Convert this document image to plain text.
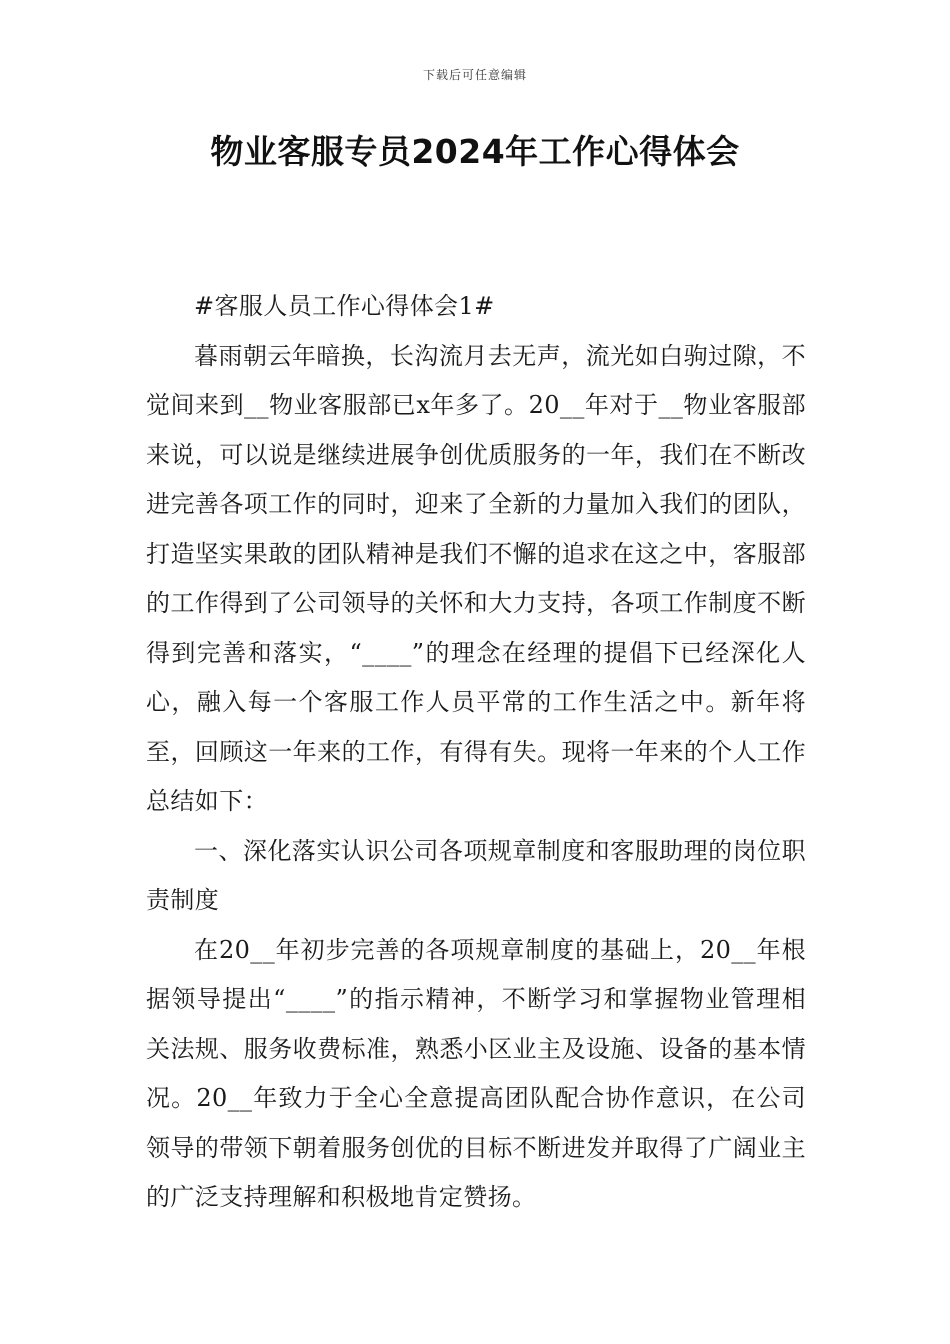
下载后可任意编辑
物业客服专员2024年工作心得体会

#客服人员工作心得体会1#

暮雨朝云年暗换，长沟流月去无声，流光如白驹过隙，不觉间来到__物业客服部已x年多了。20__年对于__物业客服部来说，可以说是继续进展争创优质服务的一年，我们在不断改进完善各项工作的同时，迎来了全新的力量加入我们的团队，打造坚实果敢的团队精神是我们不懈的追求在这之中，客服部的工作得到了公司领导的关怀和大力支持，各项工作制度不断得到完善和落实，“____”的理念在经理的提倡下已经深化人心，融入每一个客服工作人员平常的工作生活之中。新年将至，回顾这一年来的工作，有得有失。现将一年来的个人工作总结如下：

一、深化落实认识公司各项规章制度和客服助理的岗位职责制度

在20__年初步完善的各项规章制度的基础上，20__年根据领导提出“____”的指示精神，不断学习和掌握物业管理相关法规、服务收费标准，熟悉小区业主及设施、设备的基本情况。20__年致力于全心全意提高团队配合协作意识，在公司领导的带领下朝着服务创优的目标不断进发并取得了广阔业主的广泛支持理解和积极地肯定赞扬。
